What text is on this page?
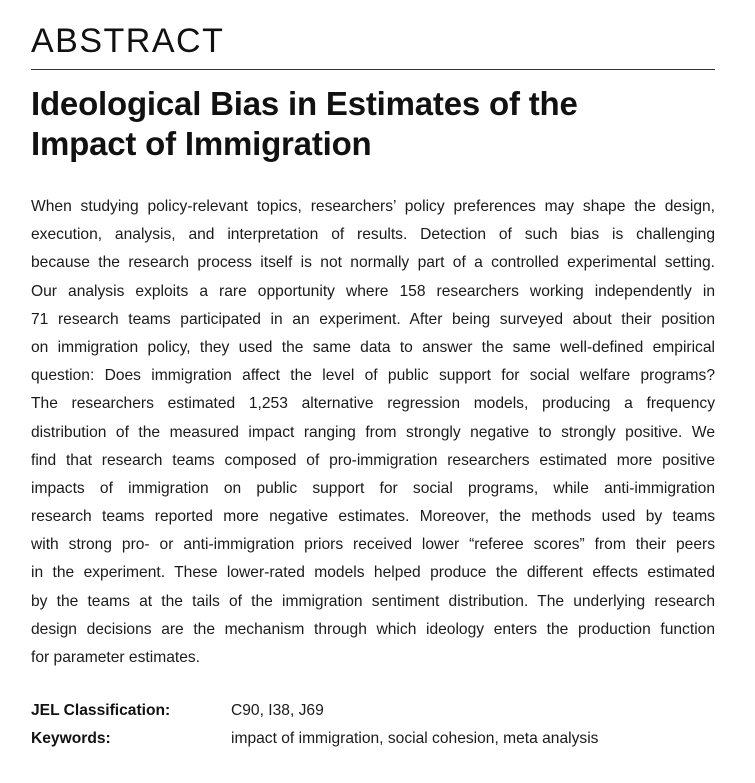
ABSTRACT
Ideological Bias in Estimates of the
Impact of Immigration
When studying policy-relevant topics, researchers’ policy preferences may shape the design,
execution, analysis, and interpretation of results. Detection of such bias is challenging
because the research process itself is not normally part of a controlled experimental setting.
Our analysis exploits a rare opportunity where 158 researchers working independently in
71 research teams participated in an experiment. After being surveyed about their position
on immigration policy, they used the same data to answer the same well-defined empirical
question: Does immigration affect the level of public support for social welfare programs?
The researchers estimated 1,253 alternative regression models, producing a frequency
distribution of the measured impact ranging from strongly negative to strongly positive. We
find that research teams composed of pro-immigration researchers estimated more positive
impacts of immigration on public support for social programs, while anti-immigration
research teams reported more negative estimates. Moreover, the methods used by teams
with strong pro- or anti-immigration priors received lower “referee scores” from their peers
in the experiment. These lower-rated models helped produce the different effects estimated
by the teams at the tails of the immigration sentiment distribution. The underlying research
design decisions are the mechanism through which ideology enters the production function
for parameter estimates.
JEL Classification:	C90, I38, J69
Keywords:	impact of immigration, social cohesion, meta analysis
